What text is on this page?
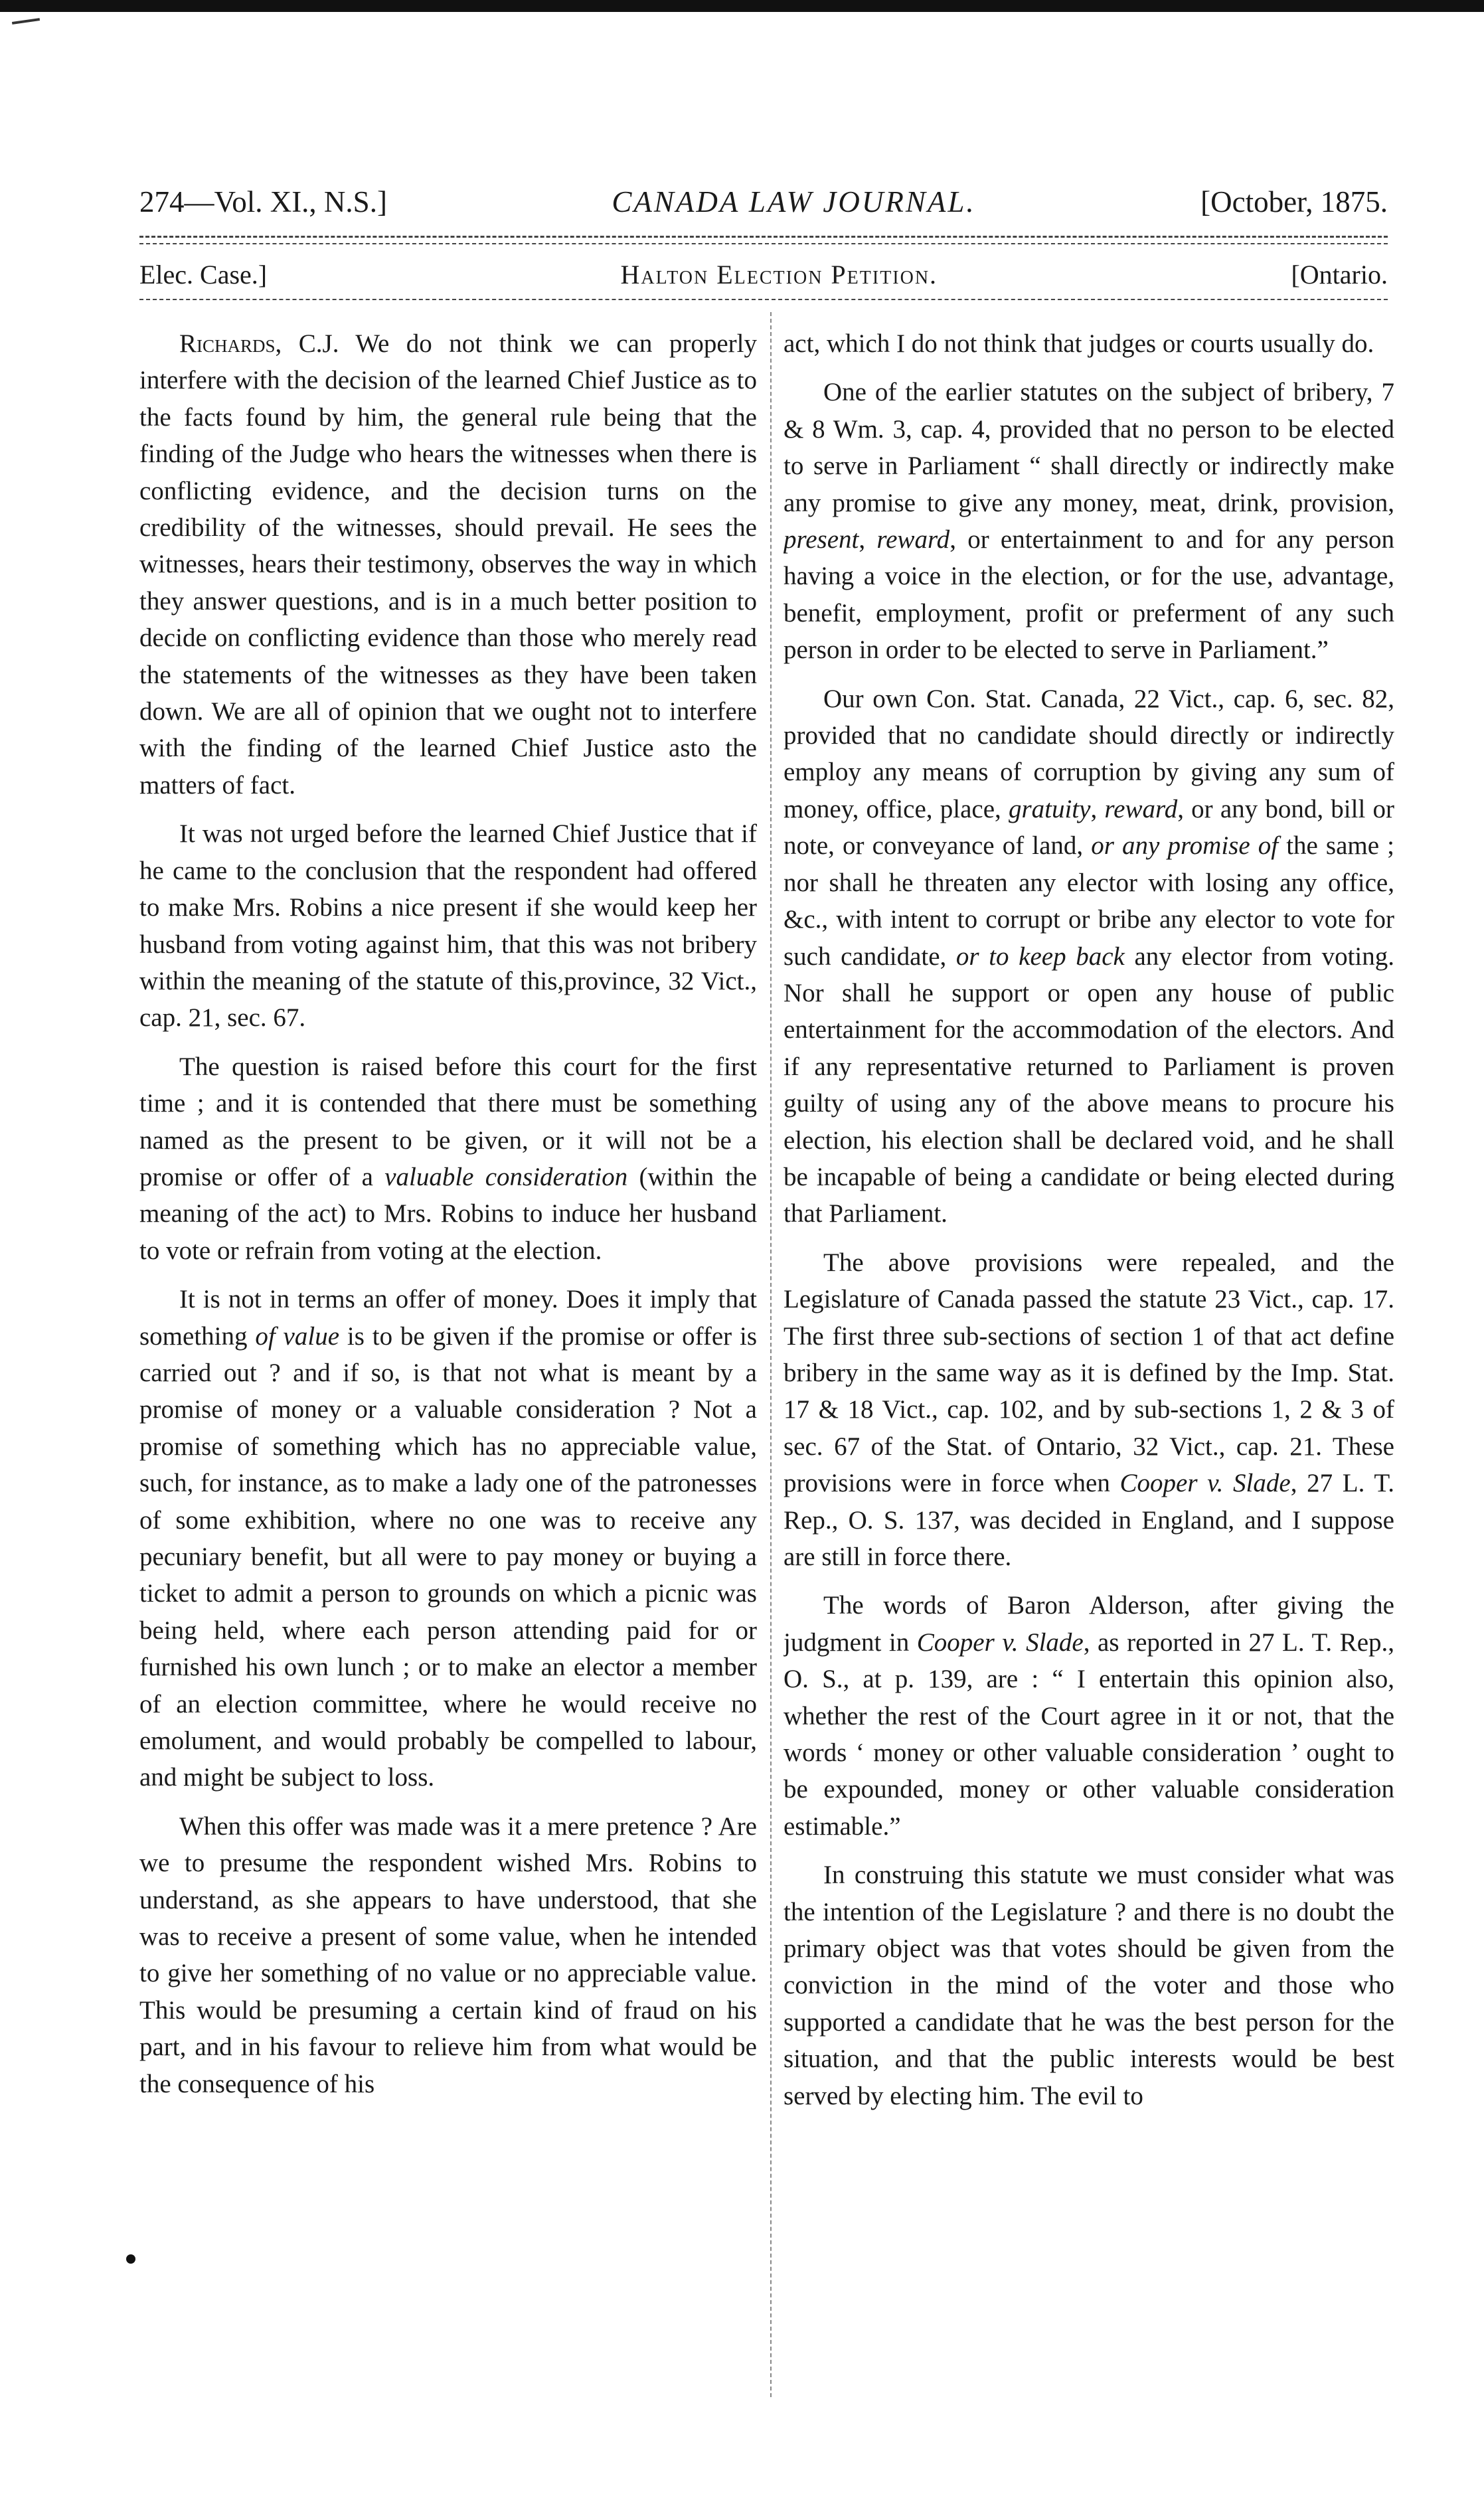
274—Vol. XI., N.S.]	CANADA LAW JOURNAL.	[October, 1875.
Elec. Case.]	Halton Election Petition.	[Ontario.

Richards, C.J. We do not think we can properly interfere with the decision of the learned Chief Justice as to the facts found by him, the general rule being that the finding of the Judge who hears the witnesses when there is conflicting evidence, and the decision turns on the credibility of the witnesses, should prevail. He sees the witnesses, hears their testimony, observes the way in which they answer questions, and is in a much better position to decide on conflicting evidence than those who merely read the statements of the witnesses as they have been taken down. We are all of opinion that we ought not to interfere with the finding of the learned Chief Justice asto the matters of fact.

It was not urged before the learned Chief Justice that if he came to the conclusion that the respondent had offered to make Mrs. Robins a nice present if she would keep her husband from voting against him, that this was not bribery within the meaning of the statute of this,province, 32 Vict., cap. 21, sec. 67.

The question is raised before this court for the first time ; and it is contended that there must be something named as the present to be given, or it will not be a promise or offer of a valuable consideration (within the meaning of the act) to Mrs. Robins to induce her husband to vote or refrain from voting at the election.

It is not in terms an offer of money. Does it imply that something of value is to be given if the promise or offer is carried out ? and if so, is that not what is meant by a promise of money or a valuable consideration ? Not a promise of something which has no appreciable value, such, for instance, as to make a lady one of the patronesses of some exhibition, where no one was to receive any pecuniary benefit, but all were to pay money or buying a ticket to admit a person to grounds on which a picnic was being held, where each person attending paid for or furnished his own lunch ; or to make an elector a member of an election committee, where he would receive no emolument, and would probably be compelled to labour, and might be subject to loss.

When this offer was made was it a mere pretence ? Are we to presume the respondent wished Mrs. Robins to understand, as she appears to have understood, that she was to receive a present of some value, when he intended to give her something of no value or no appreciable value. This would be presuming a certain kind of fraud on his part, and in his favour to relieve him from what would be the consequence of his

act, which I do not think that judges or courts usually do.

One of the earlier statutes on the subject of bribery, 7 & 8 Wm. 3, cap. 4, provided that no person to be elected to serve in Parliament “ shall directly or indirectly make any promise to give any money, meat, drink, provision, present, reward, or entertainment to and for any person having a voice in the election, or for the use, advantage, benefit, employment, profit or preferment of any such person in order to be elected to serve in Parliament.”

Our own Con. Stat. Canada, 22 Vict., cap. 6, sec. 82, provided that no candidate should directly or indirectly employ any means of corruption by giving any sum of money, office, place, gratuity, reward, or any bond, bill or note, or conveyance of land, or any promise of the same ; nor shall he threaten any elector with losing any office, &c., with intent to corrupt or bribe any elector to vote for such candidate, or to keep back any elector from voting. Nor shall he support or open any house of public entertainment for the accommodation of the electors. And if any representative returned to Parliament is proven guilty of using any of the above means to procure his election, his election shall be declared void, and he shall be incapable of being a candidate or being elected during that Parliament.

The above provisions were repealed, and the Legislature of Canada passed the statute 23 Vict., cap. 17. The first three sub-sections of section 1 of that act define bribery in the same way as it is defined by the Imp. Stat. 17 & 18 Vict., cap. 102, and by sub-sections 1, 2 & 3 of sec. 67 of the Stat. of Ontario, 32 Vict., cap. 21. These provisions were in force when Cooper v. Slade, 27 L. T. Rep., O. S. 137, was decided in England, and I suppose are still in force there.

The words of Baron Alderson, after giving the judgment in Cooper v. Slade, as reported in 27 L. T. Rep., O. S., at p. 139, are : “ I entertain this opinion also, whether the rest of the Court agree in it or not, that the words ‘ money or other valuable consideration ’ ought to be expounded, money or other valuable consideration estimable.”

In construing this statute we must consider what was the intention of the Legislature ? and there is no doubt the primary object was that votes should be given from the conviction in the mind of the voter and those who supported a candidate that he was the best person for the situation, and that the public interests would be best served by electing him. The evil to
